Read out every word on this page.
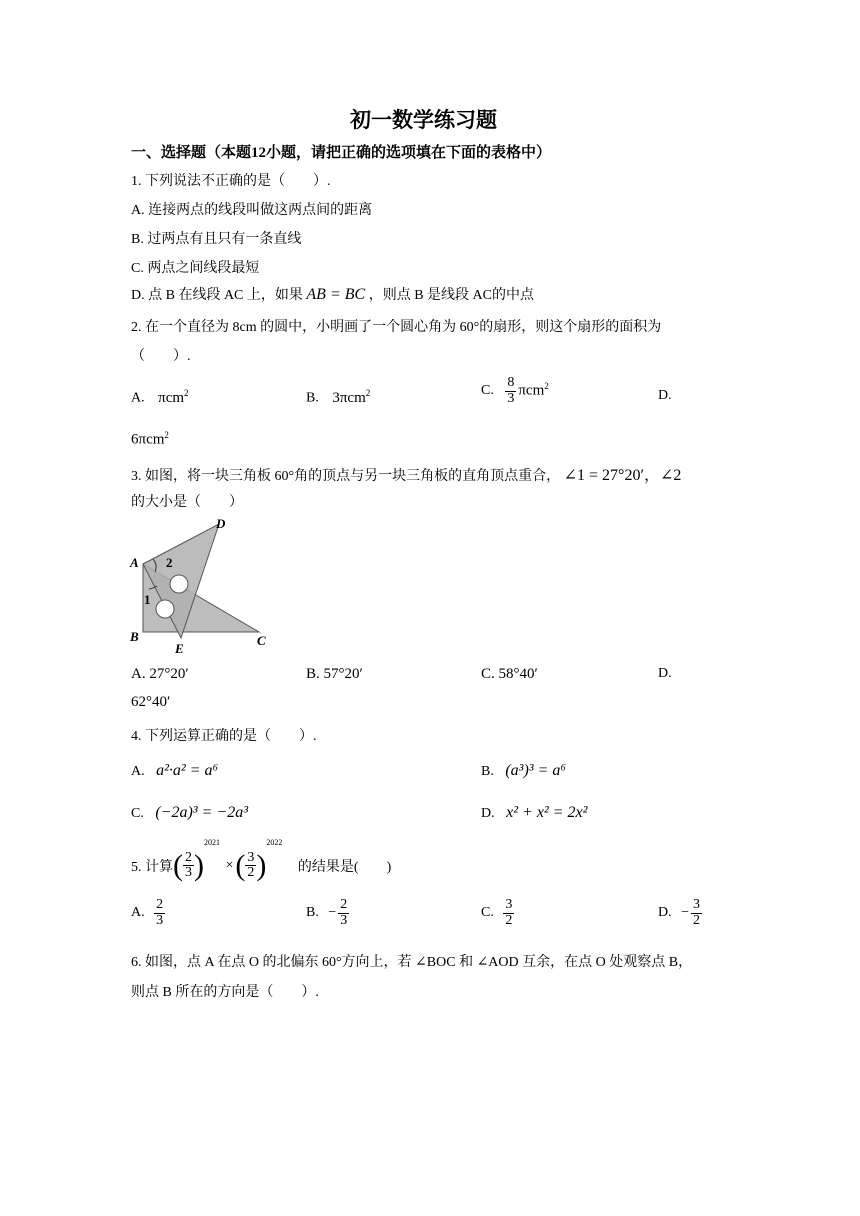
初一数学练习题
一、选择题（本题12小题，请把正确的选项填在下面的表格中）
1. 下列说法不正确的是（　　）.
A. 连接两点的线段叫做这两点间的距离
B. 过两点有且只有一条直线
C. 两点之间线段最短
D. 点 B 在线段 AC 上，如果 AB = BC ，则点 B 是线段 AC的中点
2. 在一个直径为 8cm 的圆中，小明画了一个圆心角为 60°的扇形，则这个扇形的面积为
（　　）.
A. πcm$^2$	B. 3πcm$^2$	C. $\frac{8}{3} \pi cm^2$
D.
6πcm$^2$
3. 如图，将一块三角板 60°角的顶点与另一块三角板的直角顶点重合， ∠1 = 27°20′，∠2
的大小是（　　）
A
B	C
D
E
1
2
A. 27°20′	B. 57°20′	C. 58°40′	D.
62°40′
4. 下列运算正确的是（　　）.
A. a²·a² = a⁶	B. (a³)³ = a⁶
C. (−2a)³ = −2a³	D. x² + x² = 2x²
5. 计算( $\frac{2}{3} )^{2021}$ ×( $\frac{3}{2} )^{2022}$ 的结果是(　　)
A. $\frac{2}{3}$	B. − $\frac{2}{3}$	C. $\frac{3}{2}$	D. − $\frac{3}{2}$
6. 如图，点 A 在点 O 的北偏东 60°方向上，若 ∠BOC 和 ∠AOD 互余，在点 O 处观察点 B，
则点 B 所在的方向是（　　）.
